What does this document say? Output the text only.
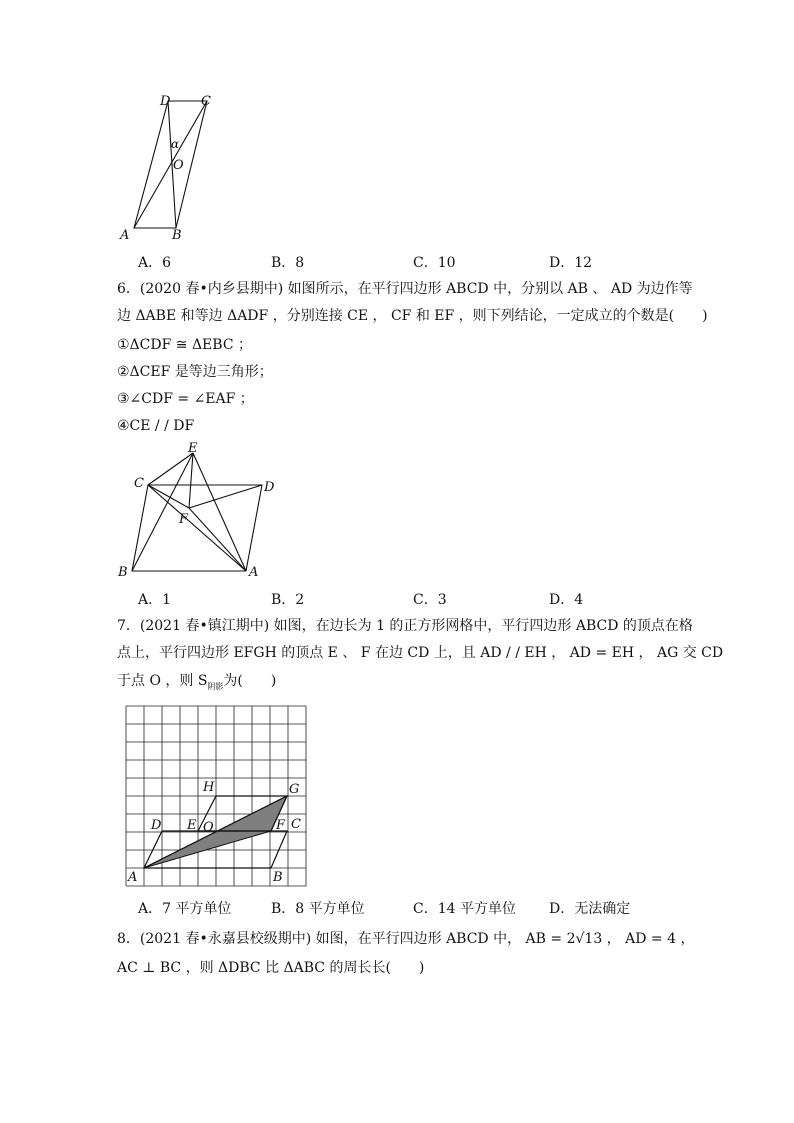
D C
A	B
O
α
A．6	B．8	C．10	D．12
6．(2020 春•内乡县期中) 如图所示，在平行四边形 ABCD 中，分别以 AB 、 AD 为边作等
边 ΔABE 和等边 ΔADF ，分别连接 CE ， CF 和 EF ，则下列结论，一定成立的个数是(　　)
①ΔCDF ≅ ΔEBC ；
②ΔCEF 是等边三角形；
③∠CDF = ∠EAF ；
④CE / / DF
E
C	D
F
B	A
A．1	B．2	C．3	D．4
7．(2021 春•镇江期中) 如图，在边长为 1 的正方形网格中，平行四边形 ABCD 的顶点在格
点上，平行四边形 EFGH 的顶点 E 、 F 在边 CD 上，且 AD / / EH ， AD = EH ， AG 交 CD
于点 O ，则 $S_{阴影}$为(　　)
D E O
H	G
F C
A	B
A．7 平方单位	B．8 平方单位	C．14 平方单位 D．无法确定
8．(2021 春•永嘉县校级期中) 如图，在平行四边形 ABCD 中， AB = 2√13 ， AD = 4 ，
AC ⊥ BC ，则 ΔDBC 比 ΔABC 的周长长(　　)
